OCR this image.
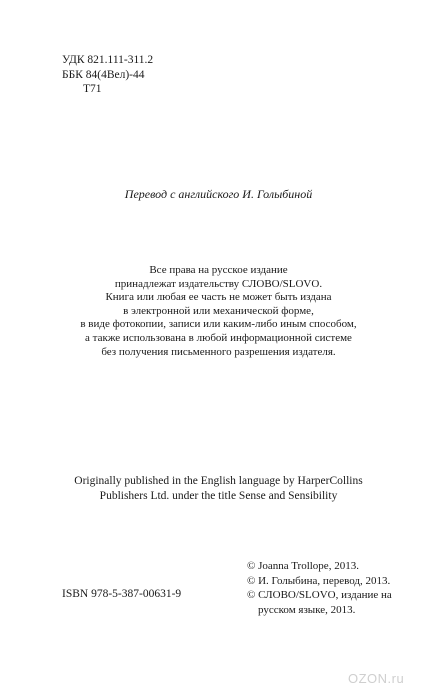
УДК 821.111-311.2
ББК 84(4Вел)-44
Т71
Перевод с английского И. Голыбиной
Все права на русское издание
принадлежат издательству СЛОВО/SLOVO.
Книга или любая ее часть не может быть издана
в электронной или механической форме,
в виде фотокопии, записи или каким-либо иным способом,
а также использована в любой информационной системе
без получения письменного разрешения издателя.
Originally published in the English language by HarperCollins
Publishers Ltd. under the title Sense and Sensibility
ISBN 978-5-387-00631-9
© Joanna Trollope, 2013.
© И. Голыбина, перевод, 2013.
© СЛОВО/SLOVO, издание на
русском языке, 2013.
OZON.ru
